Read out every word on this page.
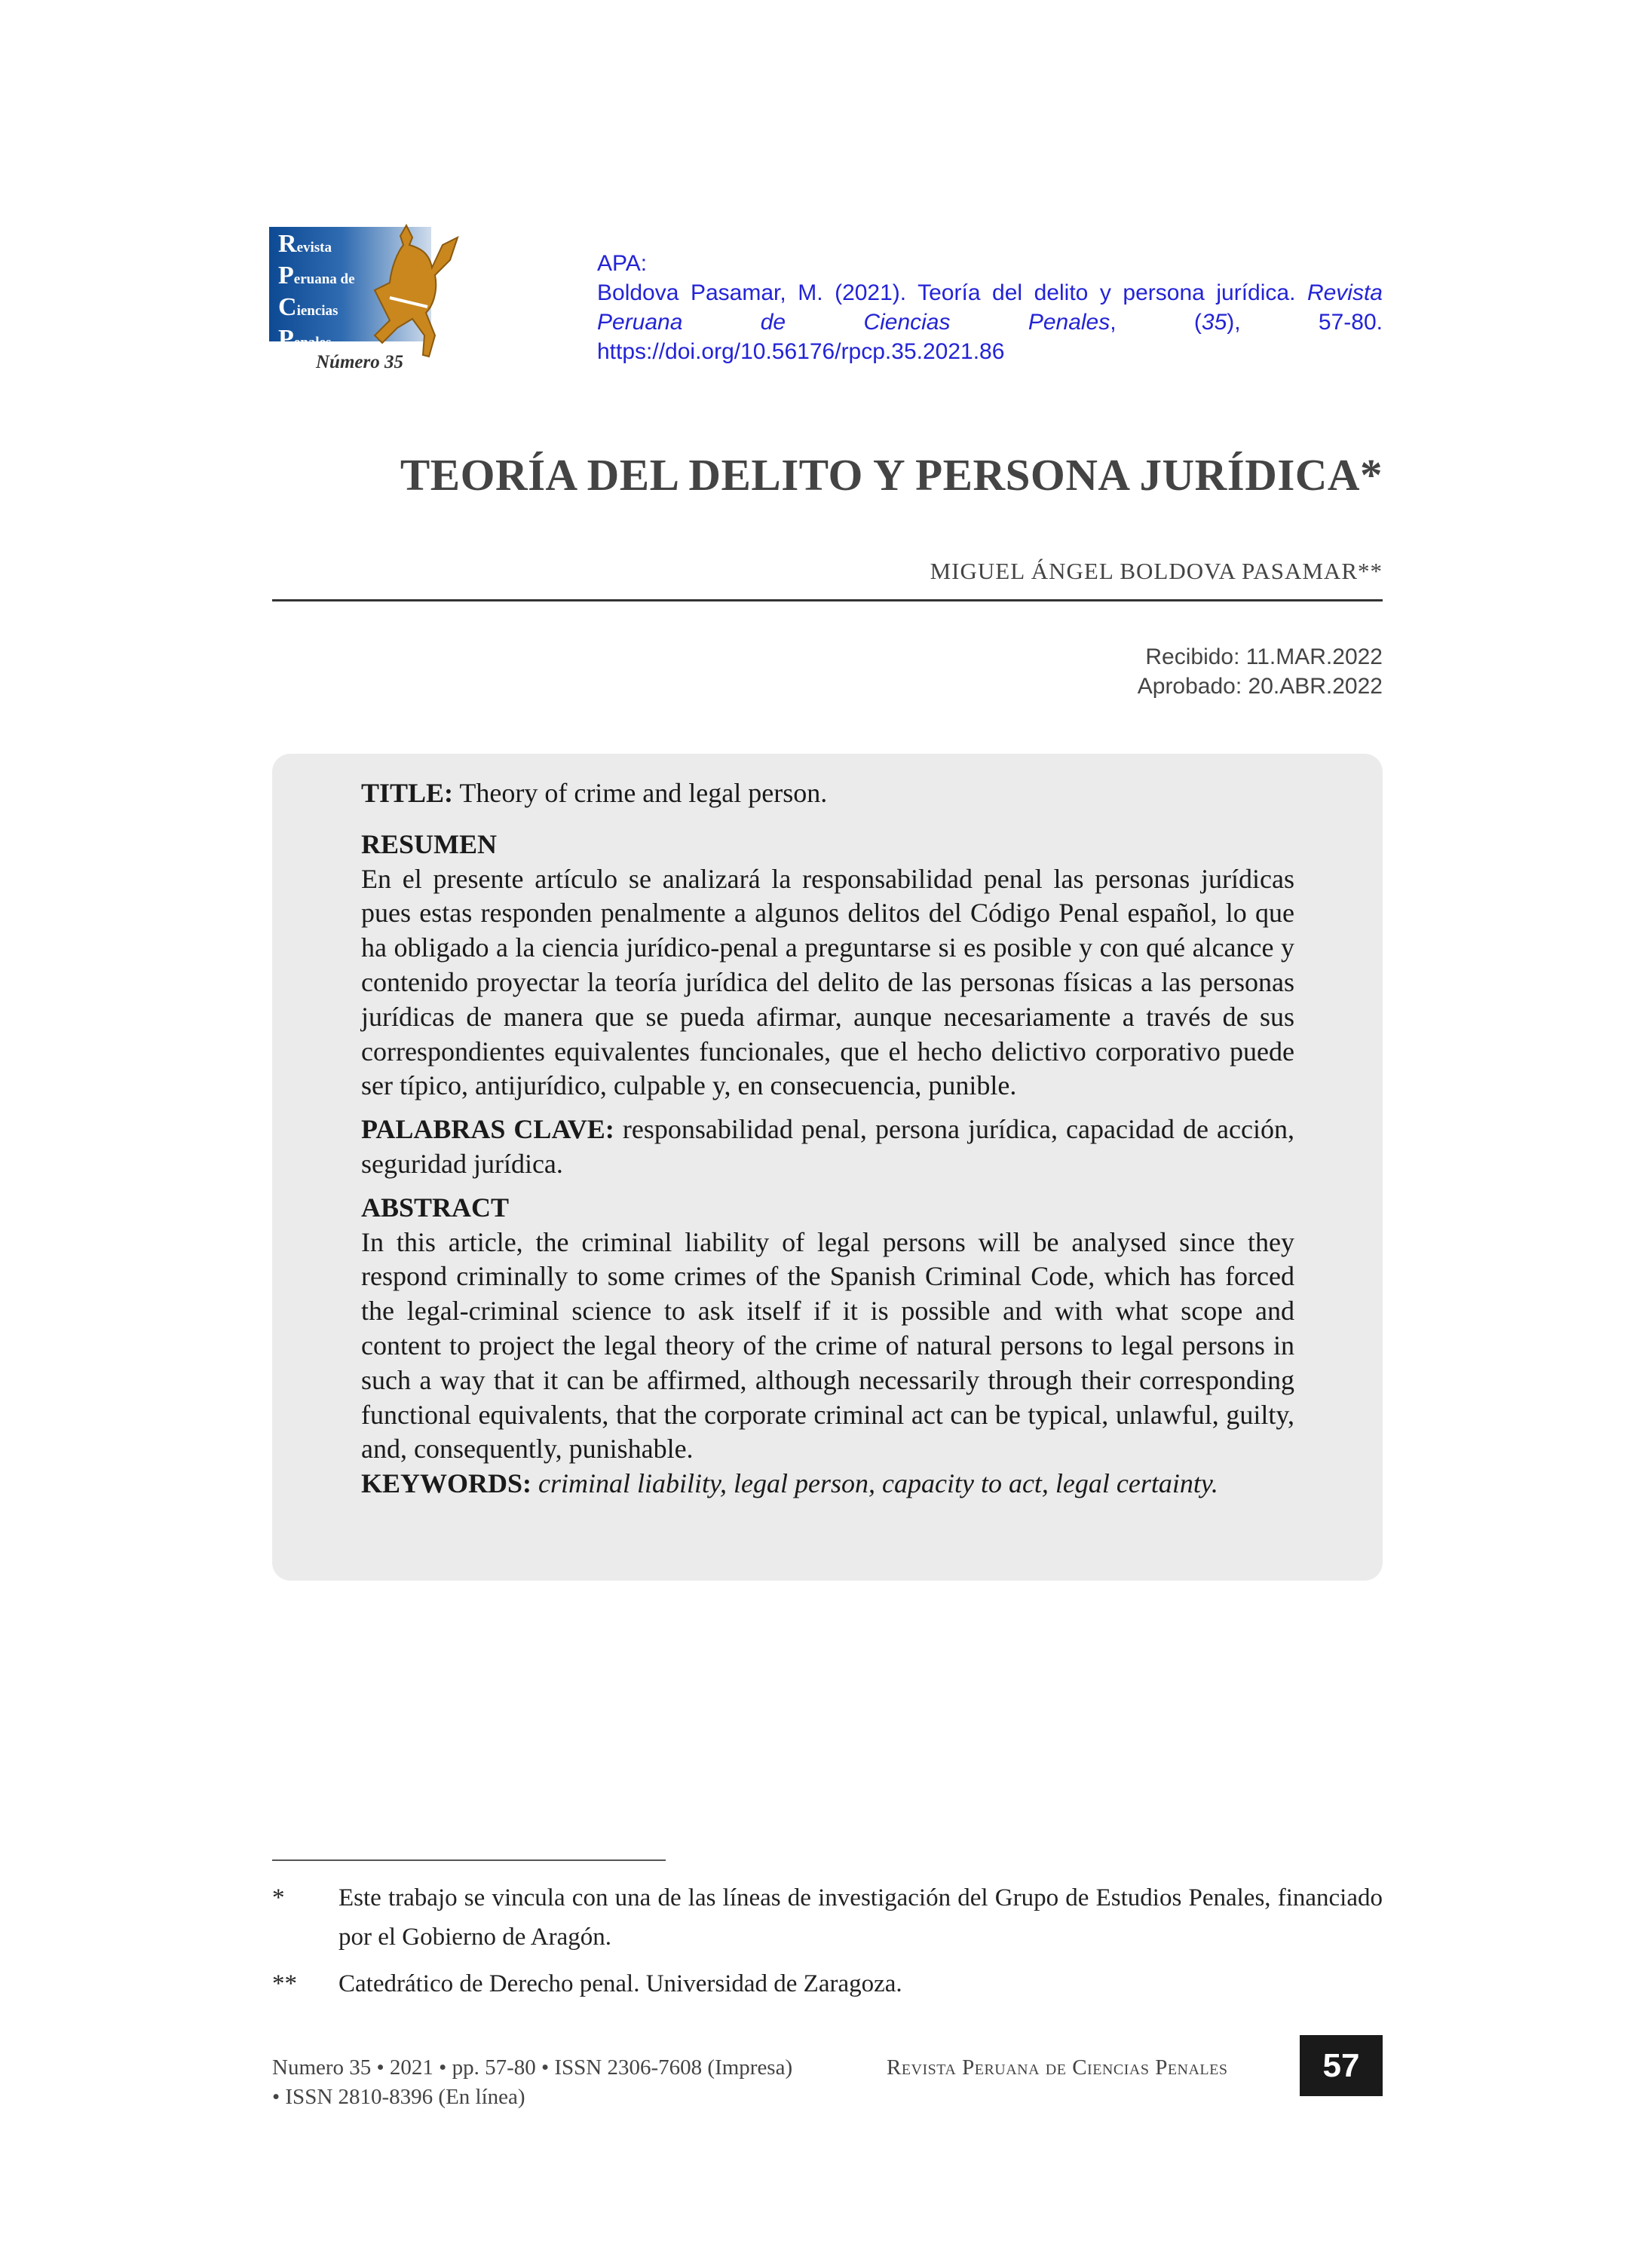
Revista
Peruana de
Ciencias
Penales
Número 35
APA:
Boldova Pasamar, M. (2021). Teoría del delito y persona jurídica. Revista Peruana de Ciencias Penales, (35), 57-80.
https://doi.org/10.56176/rpcp.35.2021.86
TEORÍA DEL DELITO Y PERSONA JURÍDICA*
MIGUEL ÁNGEL BOLDOVA PASAMAR**
Recibido: 11.MAR.2022
Aprobado: 20.ABR.2022

TITLE: Theory of crime and legal person.

RESUMEN

En el presente artículo se analizará la responsabilidad penal las personas jurídicas pues estas responden penalmente a algunos delitos del Código Penal español, lo que ha obligado a la ciencia jurídico-penal a preguntarse si es posible y con qué alcance y contenido proyectar la teoría jurídica del delito de las personas físicas a las personas jurídicas de manera que se pueda afirmar, aunque necesariamente a través de sus correspondientes equivalentes funcionales, que el hecho delictivo corporativo puede ser típico, antijurídico, culpable y, en consecuencia, punible.

PALABRAS CLAVE: responsabilidad penal, persona jurídica, capacidad de acción, seguridad jurídica.

ABSTRACT

In this article, the criminal liability of legal persons will be analysed since they respond criminally to some crimes of the Spanish Criminal Code, which has forced the legal-criminal science to ask itself if it is possible and with what scope and content to project the legal theory of the crime of natural persons to legal persons in such a way that it can be affirmed, although necessarily through their corresponding functional equivalents, that the corporate criminal act can be typical, unlawful, guilty, and, consequently, punishable.

KEYWORDS: criminal liability, legal person, capacity to act, legal certainty.

* Este trabajo se vincula con una de las líneas de investigación del Grupo de Estudios Penales, financiado por el Gobierno de Aragón.
** Catedrático de Derecho penal. Universidad de Zaragoza.
Numero 35 • 2021 • pp. 57-80 • ISSN 2306-7608 (Impresa)
• ISSN 2810-8396 (En línea)
Revista Peruana de Ciencias Penales	57
